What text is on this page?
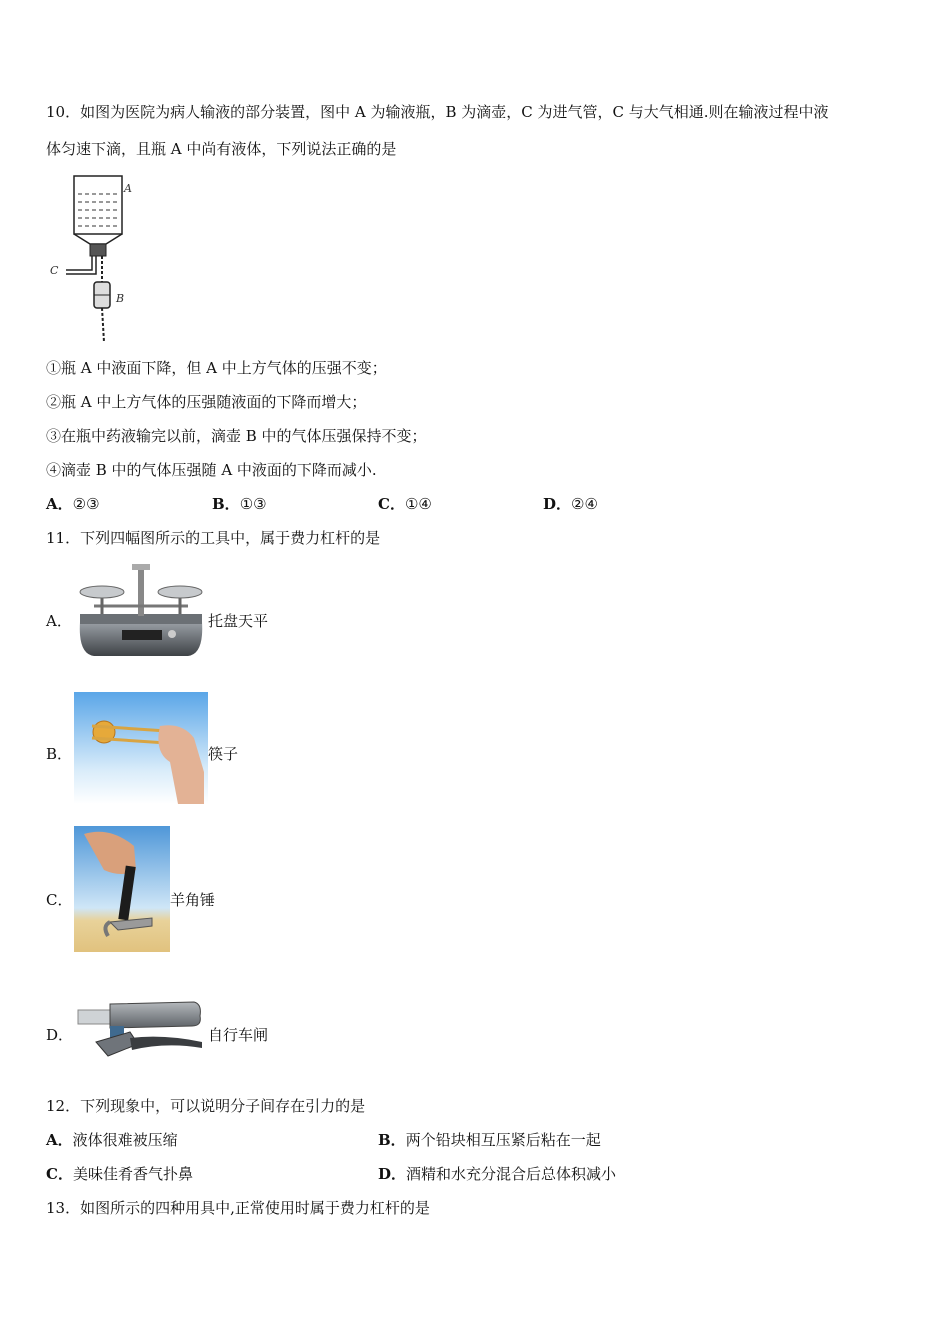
10．如图为医院为病人输液的部分装置，图中 A 为输液瓶，B 为滴壶，C 为进气管，C 与大气相通.则在输液过程中液
体匀速下滴，且瓶 A 中尚有液体，下列说法正确的是
A
C
B
①瓶 A 中液面下降，但 A 中上方气体的压强不变；
②瓶 A 中上方气体的压强随液面的下降而增大；
③在瓶中药液输完以前，滴壶 B 中的气体压强保持不变；
④滴壶 B 中的气体压强随 A 中液面的下降而减小.
A．②③	B．①③	C．①④	D．②④
11．下列四幅图所示的工具中，属于费力杠杆的是
A．	托盘天平
B．	筷子
C．	羊角锤
D．	自行车闸
12．下列现象中，可以说明分子间存在引力的是
A．液体很难被压缩	B．两个铅块相互压紧后粘在一起
C．美味佳肴香气扑鼻	D．酒精和水充分混合后总体积减小
13．如图所示的四种用具中,正常使用时属于费力杠杆的是
